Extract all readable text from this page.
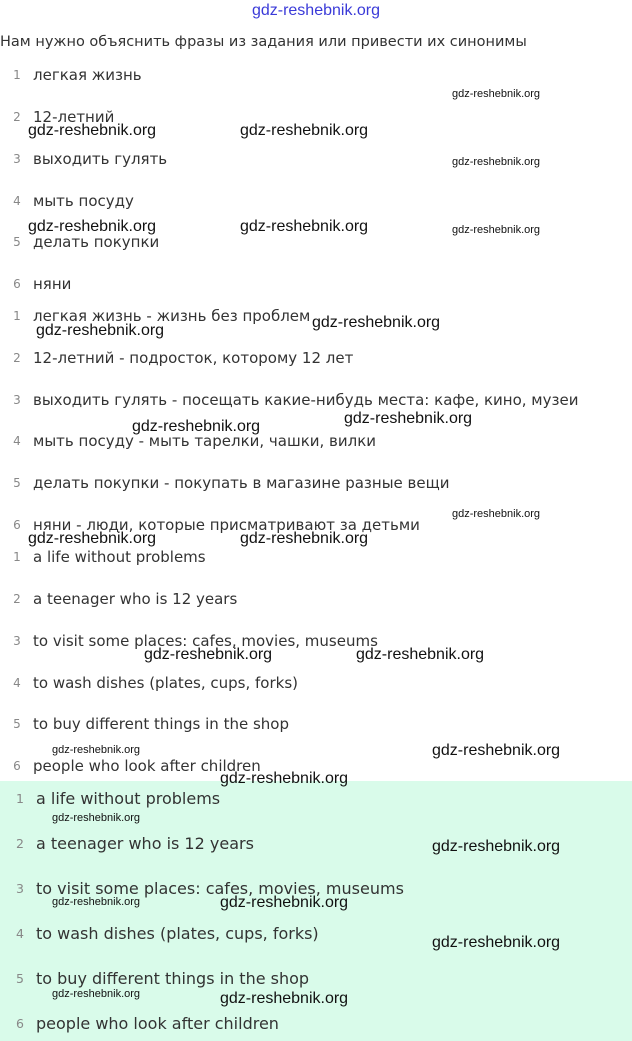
gdz-reshebnik.org
Нам нужно объяснить фразы из задания или привести их синонимы
1 легкая жизнь
2 12-летний
3 выходить гулять
4 мыть посуду
5 делать покупки
6 няни
1 легкая жизнь - жизнь без проблем
2 12-летний - подросток, которому 12 лет
3 выходить гулять - посещать какие-нибудь места: кафе, кино, музеи
4 мыть посуду - мыть тарелки, чашки, вилки
5 делать покупки - покупать в магазине разные вещи
6 няни - люди, которые присматривают за детьми
1 a life without problems
2 a teenager who is 12 years
3 to visit some places: cafes, movies, museums
4 to wash dishes (plates, cups, forks)
5 to buy different things in the shop
6 people who look after children
1 a life without problems
2 a teenager who is 12 years
3 to visit some places: cafes, movies, museums
4 to wash dishes (plates, cups, forks)
5 to buy different things in the shop
6 people who look after children
gdz-reshebnik.org
gdz-reshebnik.org	gdz-reshebnik.org
gdz-reshebnik.org
gdz-reshebnik.org	gdz-reshebnik.org	gdz-reshebnik.org
gdz-reshebnik.org
gdz-reshebnik.org
gdz-reshebnik.org
gdz-reshebnik.org
gdz-reshebnik.org
gdz-reshebnik.org	gdz-reshebnik.org
gdz-reshebnik.org	gdz-reshebnik.org
gdz-reshebnik.org	gdz-reshebnik.org
gdz-reshebnik.org
gdz-reshebnik.org
gdz-reshebnik.org
gdz-reshebnik.org	gdz-reshebnik.org
gdz-reshebnik.org
gdz-reshebnik.org	gdz-reshebnik.org
